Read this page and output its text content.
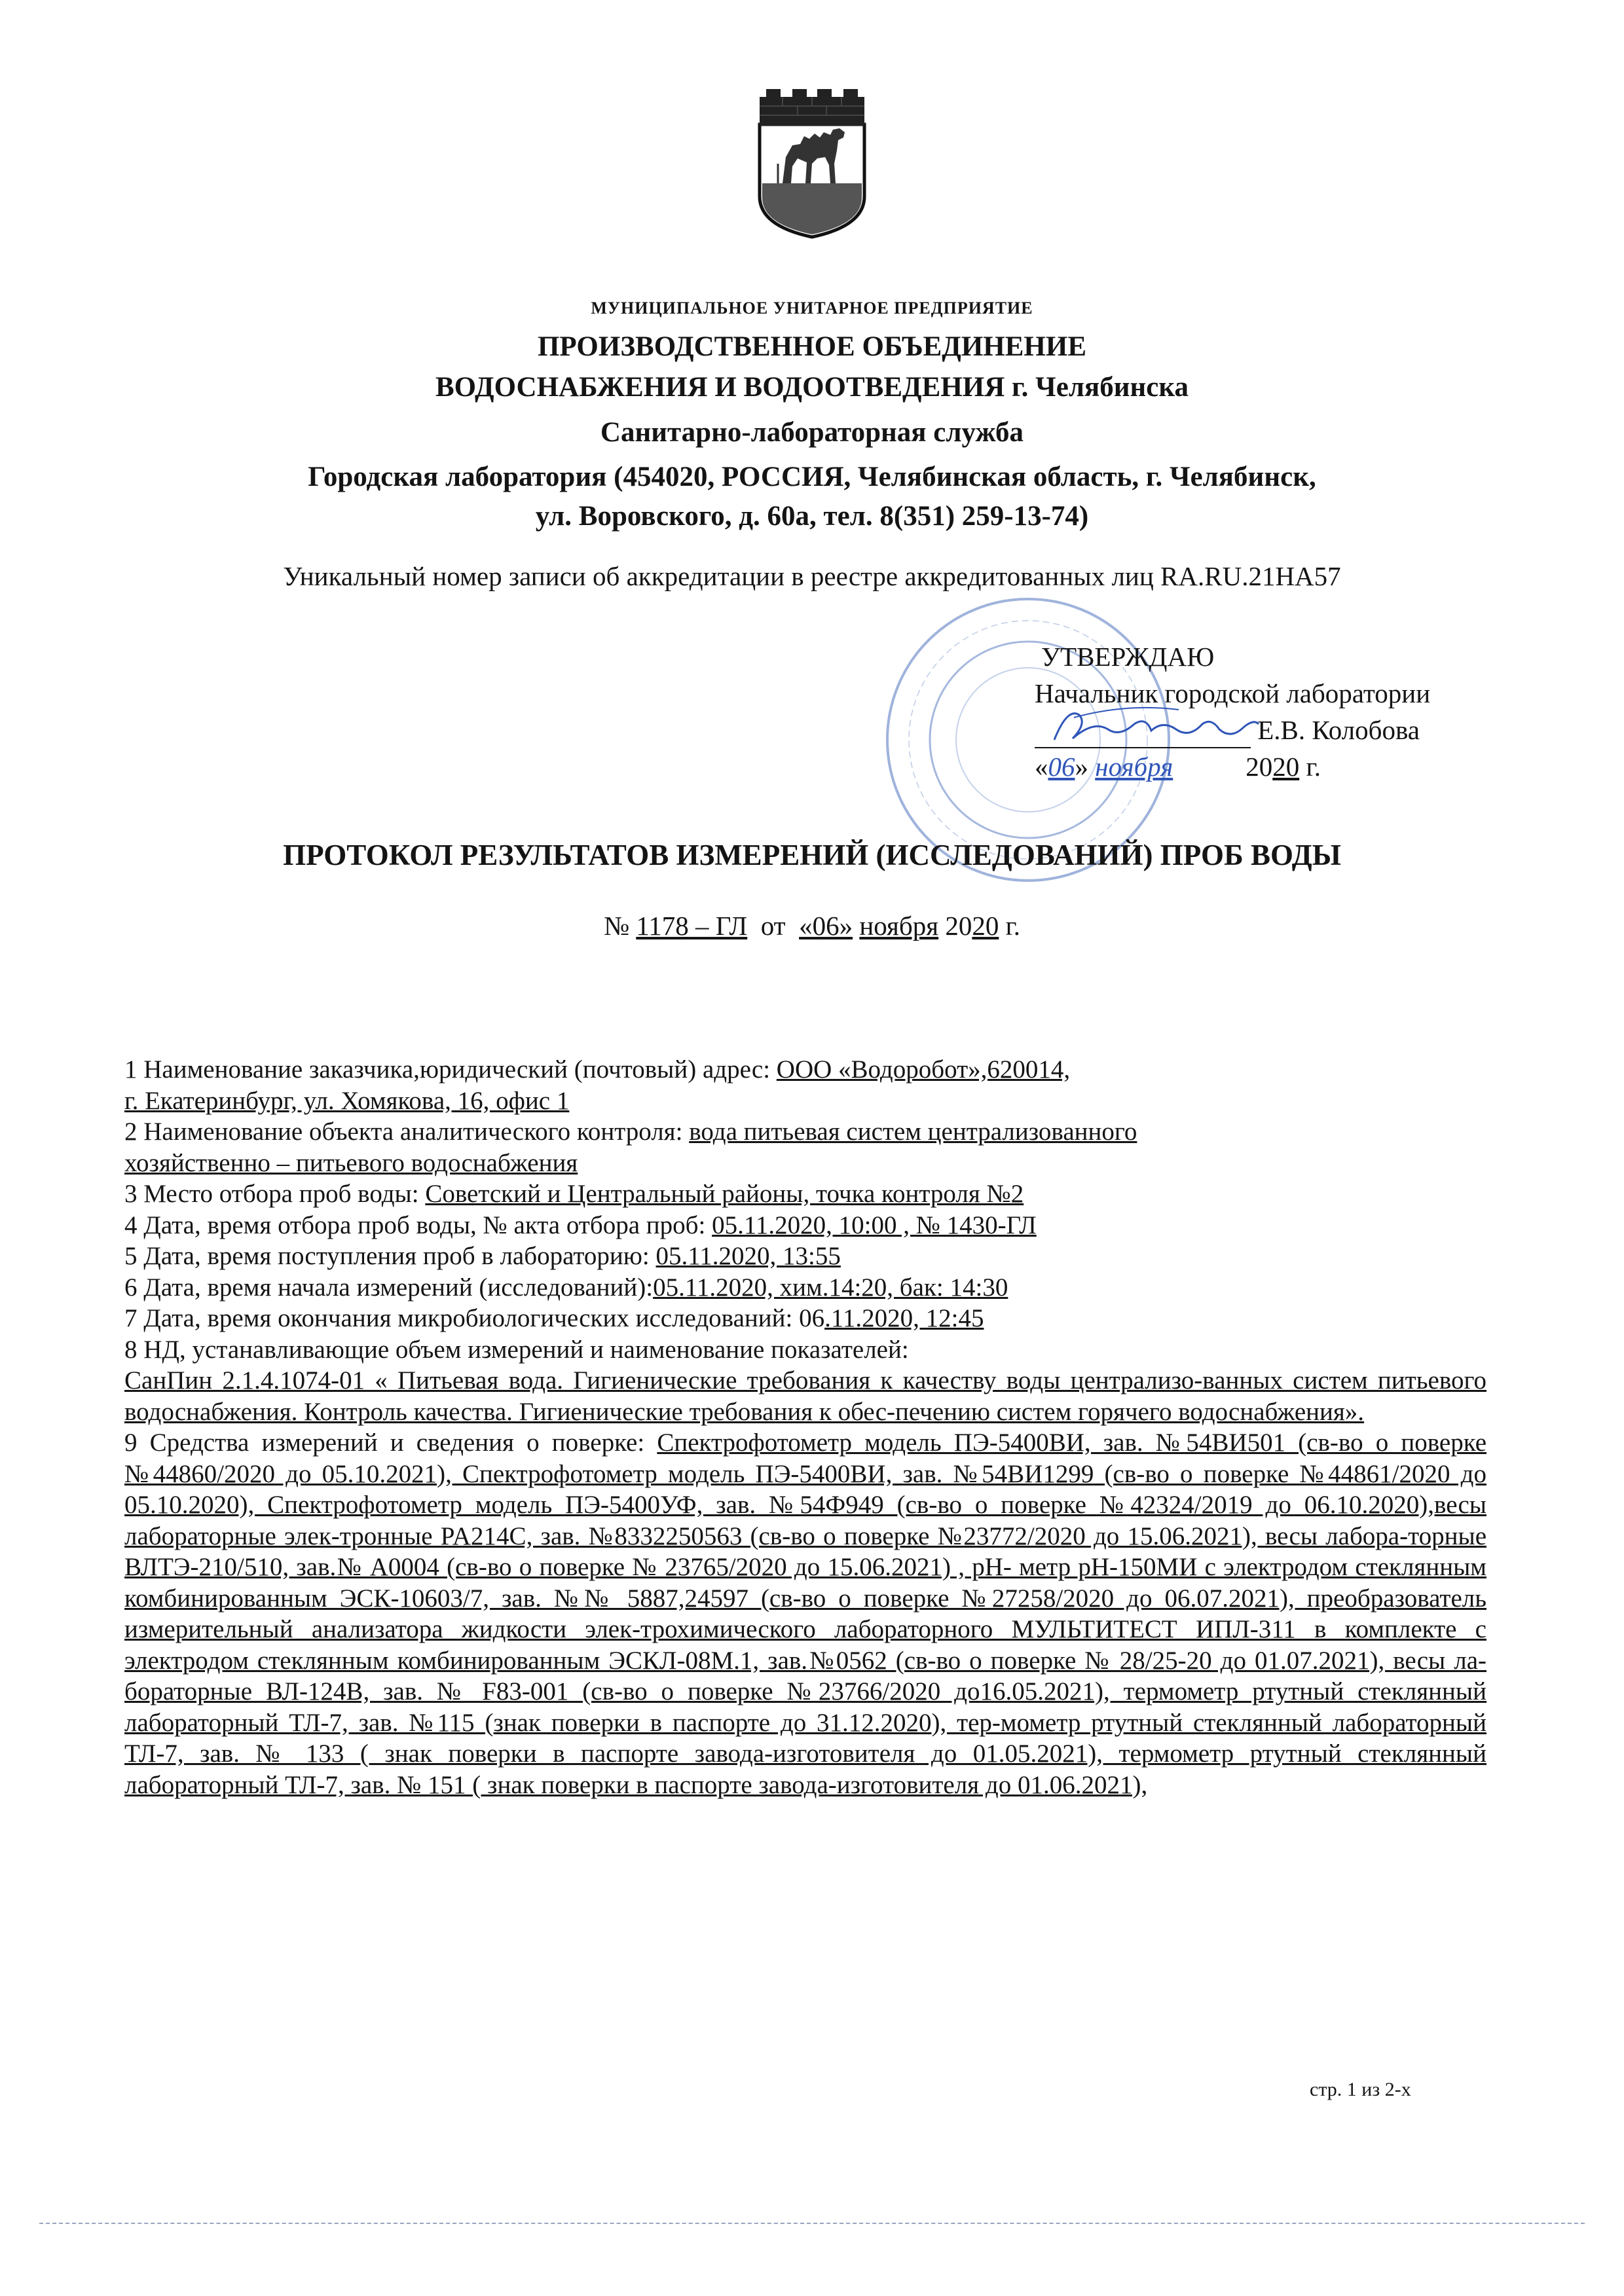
МУНИЦИПАЛЬНОЕ УНИТАРНОЕ ПРЕДПРИЯТИЕ
ПРОИЗВОДСТВЕННОЕ ОБЪЕДИНЕНИЕ
ВОДОСНАБЖЕНИЯ И ВОДООТВЕДЕНИЯ г. Челябинска
Санитарно-лабораторная служба
Городская лаборатория (454020, РОССИЯ, Челябинская область, г. Челябинск,
ул. Воровского, д. 60а, тел. 8(351) 259-13-74)
Уникальный номер записи об аккредитации в реестре аккредитованных лиц RA.RU.21HA57
УТВЕРЖДАЮ
Начальник городской лаборатории
Е.В. Колобова
«06» ноября	2020 г.
ПРОТОКОЛ РЕЗУЛЬТАТОВ ИЗМЕРЕНИЙ (ИССЛЕДОВАНИЙ) ПРОБ ВОДЫ
№ 1178 – ГЛ от «06» ноября 2020 г.

1 Наименование заказчика,юридический (почтовый) адрес: ООО «Водоробот»,620014,

г. Екатеринбург, ул. Хомякова, 16, офис 1

2 Наименование объекта аналитического контроля: вода питьевая систем централизованного

хозяйственно – питьевого водоснабжения

3 Место отбора проб воды: Советский и Центральный районы, точка контроля №2

4 Дата, время отбора проб воды, № акта отбора проб: 05.11.2020, 10:00 , № 1430-ГЛ

5 Дата, время поступления проб в лабораторию: 05.11.2020, 13:55

6 Дата, время начала измерений (исследований):05.11.2020, хим.14:20, бак: 14:30

7 Дата, время окончания микробиологических исследований: 06.11.2020, 12:45

8 НД, устанавливающие объем измерений и наименование показателей:

СанПин 2.1.4.1074-01 « Питьевая вода. Гигиенические требования к качеству воды централизо-ванных систем питьевого водоснабжения. Контроль качества. Гигиенические требования к обес-печению систем горячего водоснабжения».

9 Средства измерений и сведения о поверке: Спектрофотометр модель ПЭ-5400ВИ, зав. №54ВИ501 (св-во о поверке №44860/2020 до 05.10.2021), Спектрофотометр модель ПЭ-5400ВИ, зав. №54ВИ1299 (св-во о поверке №44861/2020 до 05.10.2020), Спектрофотометр модель ПЭ-5400УФ, зав. №54Ф949 (св-во о поверке №42324/2019 до 06.10.2020),весы лабораторные элек-тронные PA214C, зав. №8332250563 (св-во о поверке №23772/2020 до 15.06.2021), весы лабора-торные ВЛТЭ-210/510, зав.№ А0004 (св-во о поверке № 23765/2020 до 15.06.2021) , рН- метр рН-150МИ с электродом стеклянным комбинированным ЭСК-10603/7, зав. №№ 5887,24597 (св-во о поверке №27258/2020 до 06.07.2021), преобразователь измерительный анализатора жидкости элек-трохимического лабораторного МУЛЬТИТЕСТ ИПЛ-311 в комплекте с электродом стеклянным комбинированным ЭСКЛ-08М.1, зав.№0562 (св-во о поверке № 28/25-20 до 01.07.2021), весы ла-бораторные ВЛ-124В, зав. № F83-001 (св-во о поверке №23766/2020 до16.05.2021), термометр ртутный стеклянный лабораторный ТЛ-7, зав. №115 (знак поверки в паспорте до 31.12.2020), тер-мометр ртутный стеклянный лабораторный ТЛ-7, зав. № 133 ( знак поверки в паспорте завода-изготовителя до 01.05.2021), термометр ртутный стеклянный лабораторный ТЛ-7, зав. № 151 ( знак поверки в паспорте завода-изготовителя до 01.06.2021),

стр. 1 из 2-х
